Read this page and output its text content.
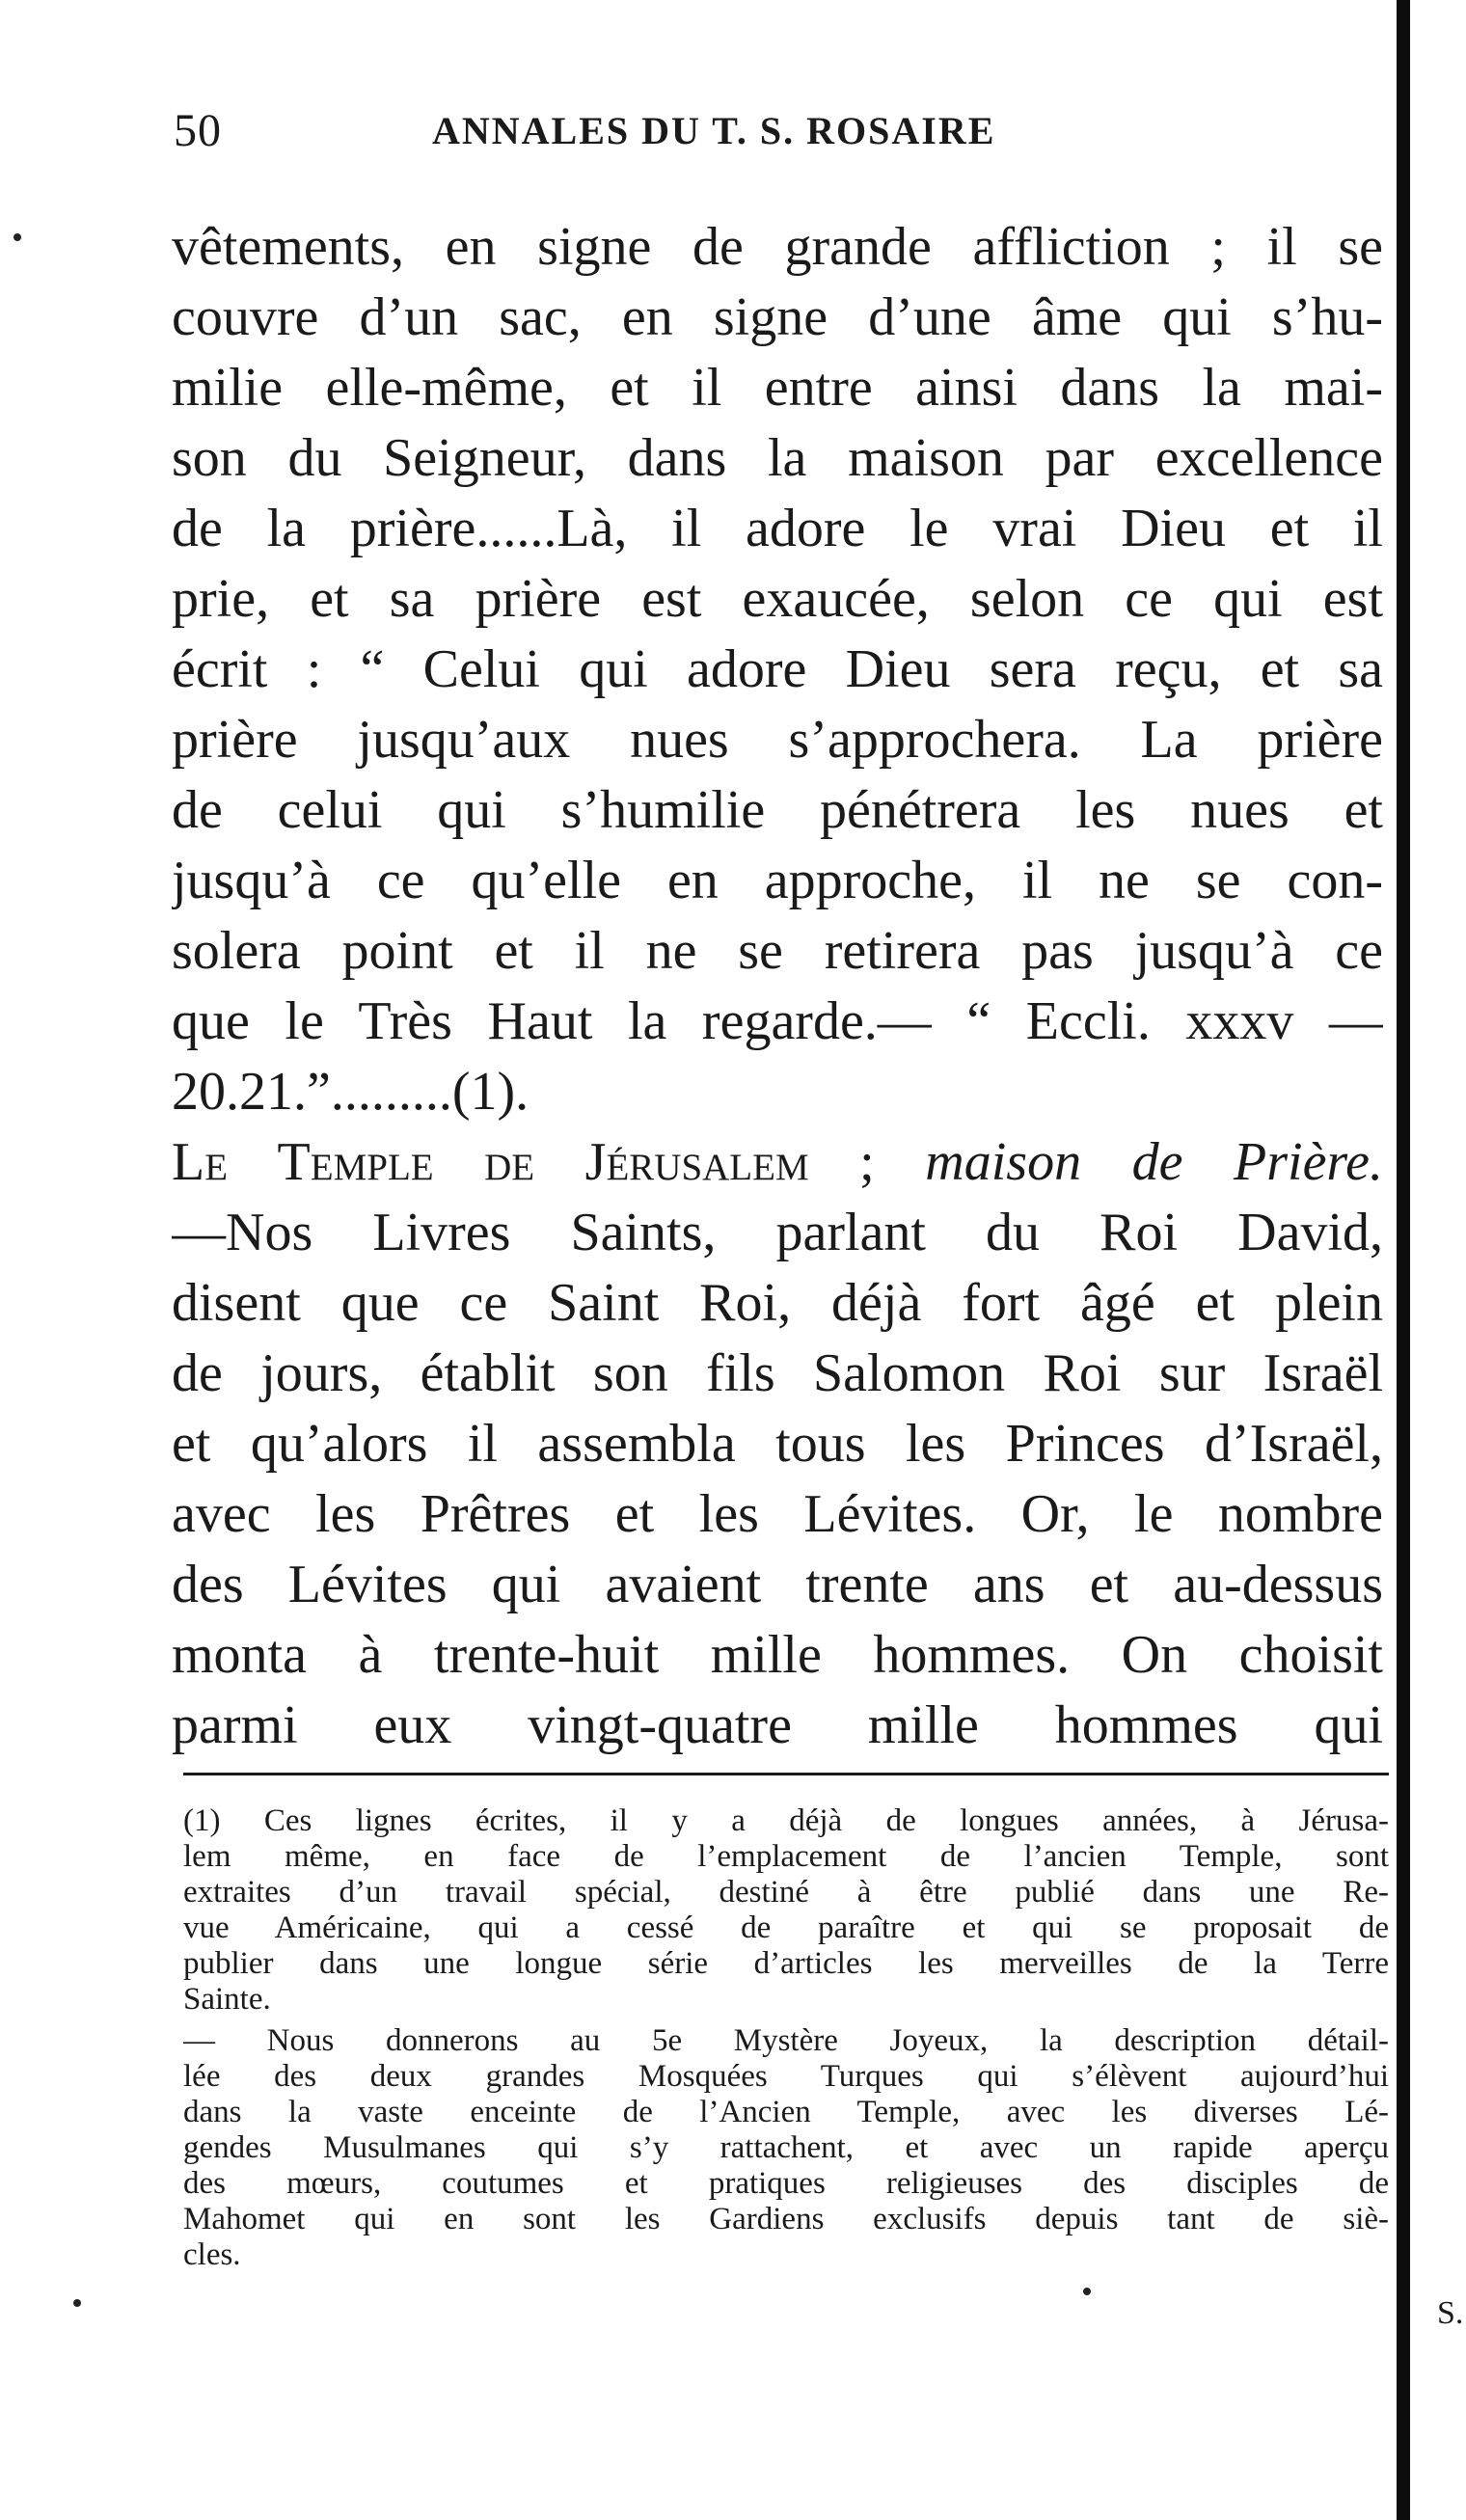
50	ANNALES DU T. S. ROSAIRE
vêtements, en signe de grande affliction ; il se
couvre d’un sac, en signe d’une âme qui s’hu-
milie elle-même, et il entre ainsi dans la mai-
son du Seigneur, dans la maison par excellence
de la prière......Là, il adore le vrai Dieu et il
prie, et sa prière est exaucée, selon ce qui est
écrit : “ Celui qui adore Dieu sera reçu, et sa
prière jusqu’aux nues s’approchera. La prière
de celui qui s’humilie pénétrera les nues et
jusqu’à ce qu’elle en approche, il ne se con-
solera point et il ne se retirera pas jusqu’à ce
que le Très Haut la regarde.— “ Eccli. xxxv —
20.21.”.........(1).
Le Temple de Jérusalem ; maison de Prière.
—Nos Livres Saints, parlant du Roi David,
disent que ce Saint Roi, déjà fort âgé et plein
de jours, établit son fils Salomon Roi sur Israël
et qu’alors il assembla tous les Princes d’Israël,
avec les Prêtres et les Lévites. Or, le nombre
des Lévites qui avaient trente ans et au-dessus
monta à trente-huit mille hommes. On choisit
parmi eux vingt-quatre mille hommes qui
(1) Ces lignes écrites, il y a déjà de longues années, à Jérusa-
lem même, en face de l’emplacement de l’ancien Temple, sont
extraites d’un travail spécial, destiné à être publié dans une Re-
vue Américaine, qui a cessé de paraître et qui se proposait de
publier dans une longue série d’articles les merveilles de la Terre
Sainte.
— Nous donnerons au 5e Mystère Joyeux, la description détail-
lée des deux grandes Mosquées Turques qui s’élèvent aujourd’hui
dans la vaste enceinte de l’Ancien Temple, avec les diverses Lé-
gendes Musulmanes qui s’y rattachent, et avec un rapide aperçu
des mœurs, coutumes et pratiques religieuses des disciples de
Mahomet qui en sont les Gardiens exclusifs depuis tant de siè-
cles.
S.
